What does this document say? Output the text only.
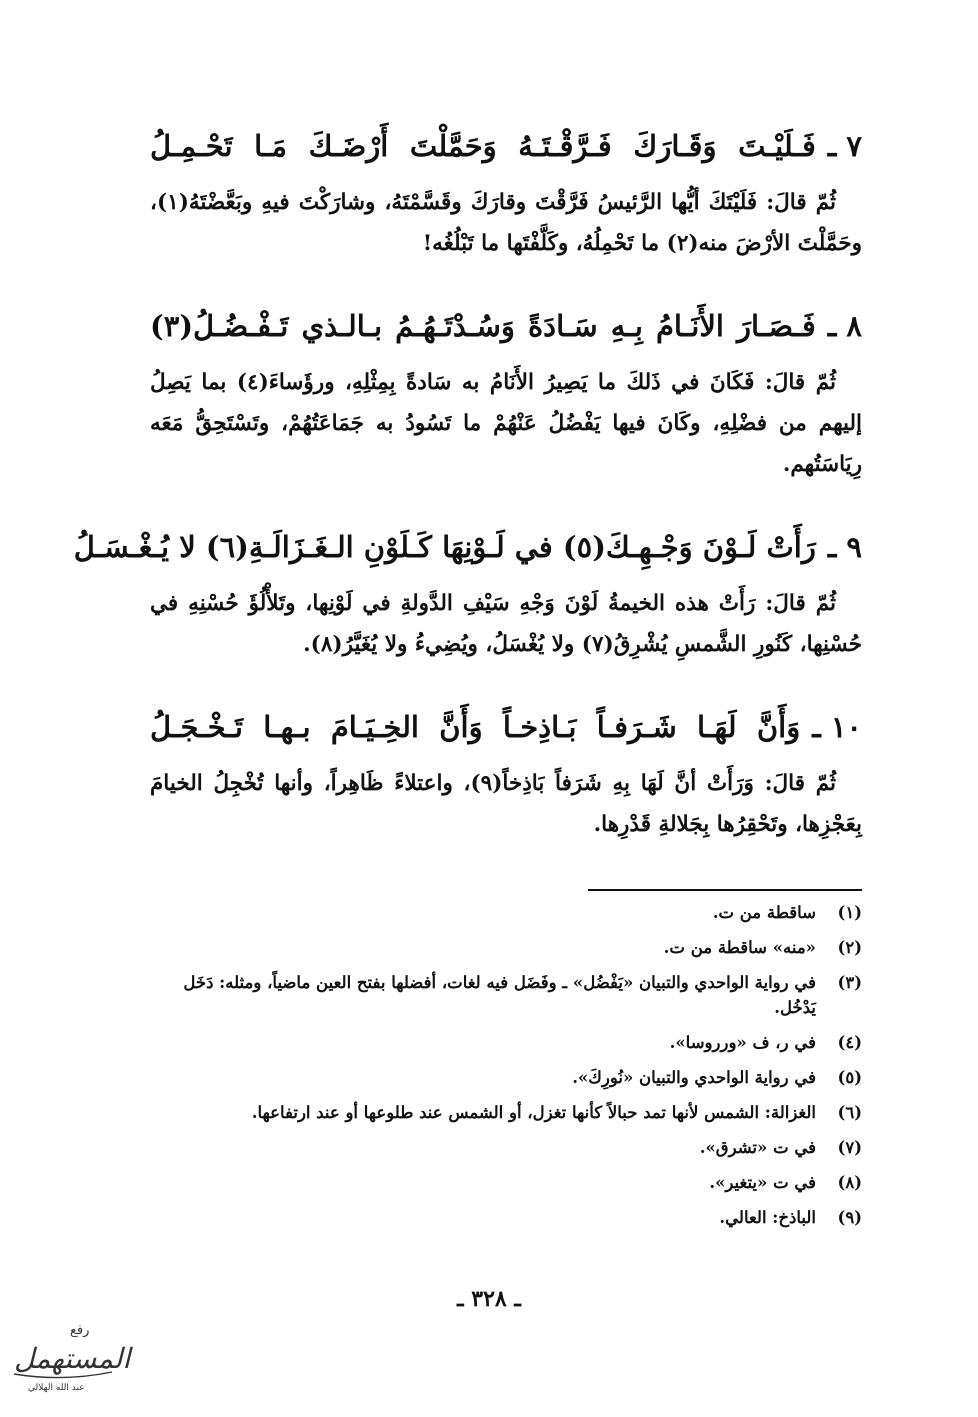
٧ ـ
فَـلَيْـتَ وَقَـارَكَ فَـرَّقْـتَـهُ وَحَمَّلْتَ أَرْضَـكَ مَـا تَحْـمِـلُ
ثُمّ قالَ: فَلَيْتَكَ أيُّها الرَّئيسُ فَرَّقْتَ وقارَكَ وقَسَّمْتَهُ، وشارَكْتَ فيهِ وبَعَّضْتَهُ(١)، وحَمَّلْتَ الأرْضَ منه(٢) ما تَحْمِلُهُ، وكَلَّفْتَها ما تَبْلُغُه!
٨ ـ
فَـصَـارَ الأَنَـامُ بِـهِ سَـادَةً وَسُـدْتَـهُـمُ بـالـذي تَـفْـضُـلُ(٣)
ثُمّ قالَ: فَكَانَ في ذَلكَ ما يَصِيرُ الأَنَامُ به سَادةً بِمِثْلِهِ، ورؤَساءَ(٤) بما يَصِلُ إليهم من فضْلِهِ، وكَانَ فيها يَفْضُلُ عَنْهُمْ ما تَسُودُ به جَمَاعَتُهُمْ، وتَسْتَحِقُّ مَعَه رِيَاسَتُهم.
٩ ـ
رَأَتْ لَـوْنَ وَجْـهِـكَ(٥) في لَـوْنِهَا كَـلَوْنِ الـغَـزَالَـةِ(٦) لا يُـغْـسَـلُ
ثُمّ قالَ: رَأَتْ هذه الخيمةُ لَوْنَ وَجْهِ سَيْفِ الدَّولةِ في لَوْنِها، وتَلأْلُؤَ حُسْنِهِ في حُسْنِها، كَنُورِ الشَّمسِ يُشْرِقُ(٧) ولا يُغْسَلُ، ويُضِيءُ ولا يُغَيَّرُ(٨).
١٠ ـ
وَأَنَّ لَهَـا شَـرَفـاً بَـاذِخـاً وَأَنَّ الخِـيَـامَ بـهـا تَـخْـجَـلُ
ثُمّ قالَ: وَرَأَتْ أنَّ لَهَا بِهِ شَرَفاً بَاذِخاً(٩)، واعتلاءً ظَاهِراً، وأنها تُخْجِلُ الخيامَ بِعَجْزِها، وتَحْقِرُها بِجَلالةِ قَدْرِها.
(١)
ساقطة من ت.
(٢)
«منه» ساقطة من ت.
(٣)
في رواية الواحدي والتبيان «يَفْضُل» ـ وفَضَل فيه لغات، أفضلها بفتح العين ماضياً، ومثله: دَخَل يَدْخُل.
(٤)
في ر، ف «ورروسا».
(٥)
في رواية الواحدي والتبيان «نُورِكَ».
(٦)
الغزالة: الشمس لأنها تمد حبالاً كأنها تغزل، أو الشمس عند طلوعها أو عند ارتفاعها.
(٧)
في ت «تشرق».
(٨)
في ت «يتغير».
(٩)
الباذخ: العالي.
ـ ٣٢٨ ـ
رفع
المستهمل
عبد الله الهلالي
